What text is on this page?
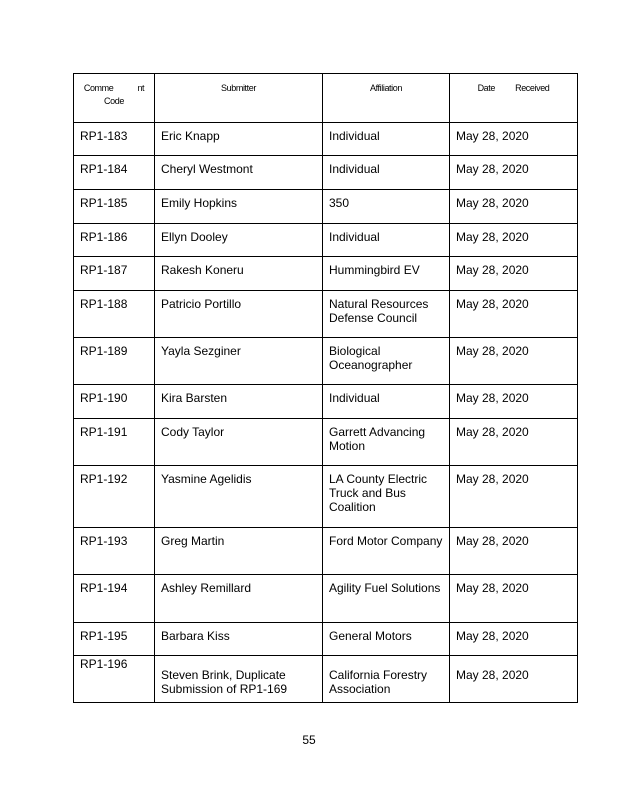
Comme nt
Code	Submitter	Affiliation	Date Received
RP1-183	Eric Knapp	Individual	May 28, 2020
RP1-184	Cheryl Westmont	Individual	May 28, 2020
RP1-185	Emily Hopkins	350	May 28, 2020
RP1-186	Ellyn Dooley	Individual	May 28, 2020
RP1-187	Rakesh Koneru	Hummingbird EV	May 28, 2020
RP1-188	Patricio Portillo	Natural Resources Defense Council	May 28, 2020
RP1-189	Yayla Sezginer	Biological Oceanographer	May 28, 2020
RP1-190	Kira Barsten	Individual	May 28, 2020
RP1-191	Cody Taylor	Garrett Advancing Motion	May 28, 2020
RP1-192	Yasmine Agelidis	LA County Electric Truck and Bus Coalition	May 28, 2020
RP1-193	Greg Martin	Ford Motor Company	May 28, 2020
RP1-194	Ashley Remillard	Agility Fuel Solutions	May 28, 2020
RP1-195	Barbara Kiss	General Motors	May 28, 2020
RP1-196	Steven Brink, Duplicate Submission of RP1-169	California Forestry Association	May 28, 2020
55
